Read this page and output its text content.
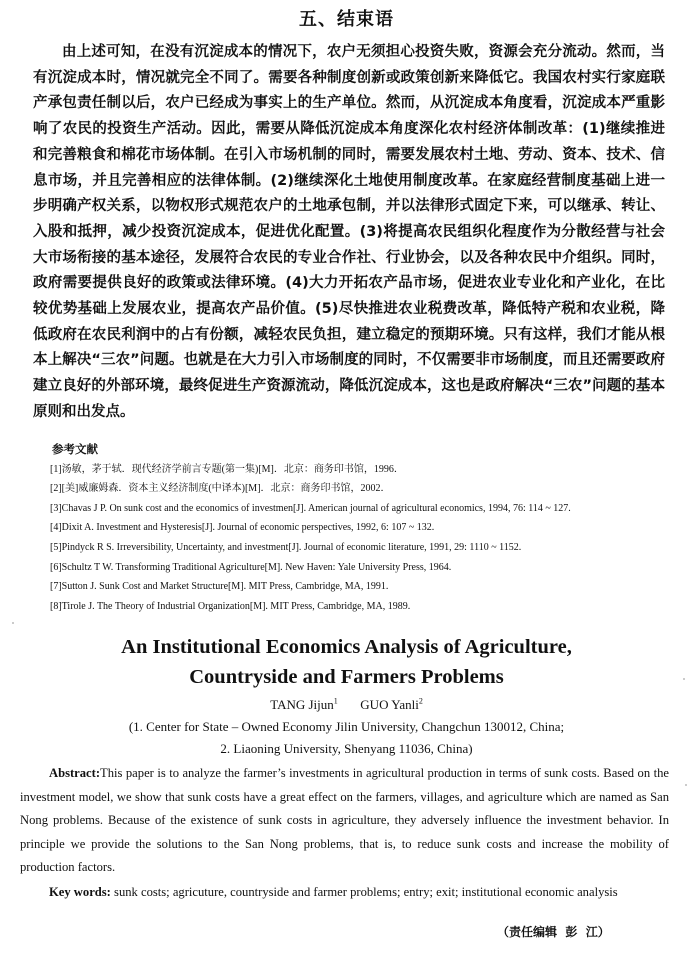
五、结束语
由上述可知，在没有沉淀成本的情况下，农户无须担心投资失败，资源会充分流动。然而，当有沉淀成本时，情况就完全不同了。需要各种制度创新或政策创新来降低它。我国农村实行家庭联产承包责任制以后，农户已经成为事实上的生产单位。然而，从沉淀成本角度看，沉淀成本严重影响了农民的投资生产活动。因此，需要从降低沉淀成本角度深化农村经济体制改革：(1)继续推进和完善粮食和棉花市场体制。在引入市场机制的同时，需要发展农村土地、劳动、资本、技术、信息市场，并且完善相应的法律体制。(2)继续深化土地使用制度改革。在家庭经营制度基础上进一步明确产权关系，以物权形式规范农户的土地承包制，并以法律形式固定下来，可以继承、转让、入股和抵押，减少投资沉淀成本，促进优化配置。(3)将提高农民组织化程度作为分散经营与社会大市场衔接的基本途径，发展符合农民的专业合作社、行业协会，以及各种农民中介组织。同时，政府需要提供良好的政策或法律环境。(4)大力开拓农产品市场，促进农业专业化和产业化，在比较优势基础上发展农业，提高农产品价值。(5)尽快推进农业税费改革，降低特产税和农业税，降低政府在农民利润中的占有份额，减轻农民负担，建立稳定的预期环境。只有这样，我们才能从根本上解决“三农”问题。也就是在大力引入市场制度的同时，不仅需要非市场制度，而且还需要政府建立良好的外部环境，最终促进生产资源流动，降低沉淀成本，这也是政府解决“三农”问题的基本原则和出发点。
参考文献
[1]汤敏，茅于轼．现代经济学前言专题(第一集)[M]．北京：商务印书馆，1996．
[2][美]威廉姆森．资本主义经济制度(中译本)[M]．北京：商务印书馆，2002．
[3]Chavas J P. On sunk cost and the economics of investmen[J]. American journal of agricultural economics, 1994, 76: 114 ~ 127.
[4]Dixit A. Investment and Hysteresis[J]. Journal of economic perspectives, 1992, 6: 107 ~ 132.
[5]Pindyck R S. Irreversibility, Uncertainty, and investment[J]. Journal of economic literature, 1991, 29: 1110 ~ 1152.
[6]Schultz T W. Transforming Traditional Agriculture[M]. New Haven: Yale University Press, 1964.
[7]Sutton J. Sunk Cost and Market Structure[M]. MIT Press, Cambridge, MA, 1991.
[8]Tirole J. The Theory of Industrial Organization[M]. MIT Press, Cambridge, MA, 1989.
An Institutional Economics Analysis of Agriculture,
Countryside and Farmers Problems
TANG Jijun$^1$ GUO Yanli$^2$
(1. Center for State – Owned Economy Jilin University, Changchun 130012, China;
2. Liaoning University, Shenyang 11036, China)
Abstract:This paper is to analyze the farmer’s investments in agricultural production in terms of sunk costs. Based on the investment model, we show that sunk costs have a great effect on the farmers, villages, and agriculture which are named as San Nong problems. Because of the existence of sunk costs in agriculture, they adversely influence the investment behavior. In principle we provide the solutions to the San Nong problems, that is, to reduce sunk costs and increase the mobility of production factors.
Key words: sunk costs; agricuture, countryside and farmer problems; entry; exit; institutional economic analysis
（责任编辑  彭  江）
